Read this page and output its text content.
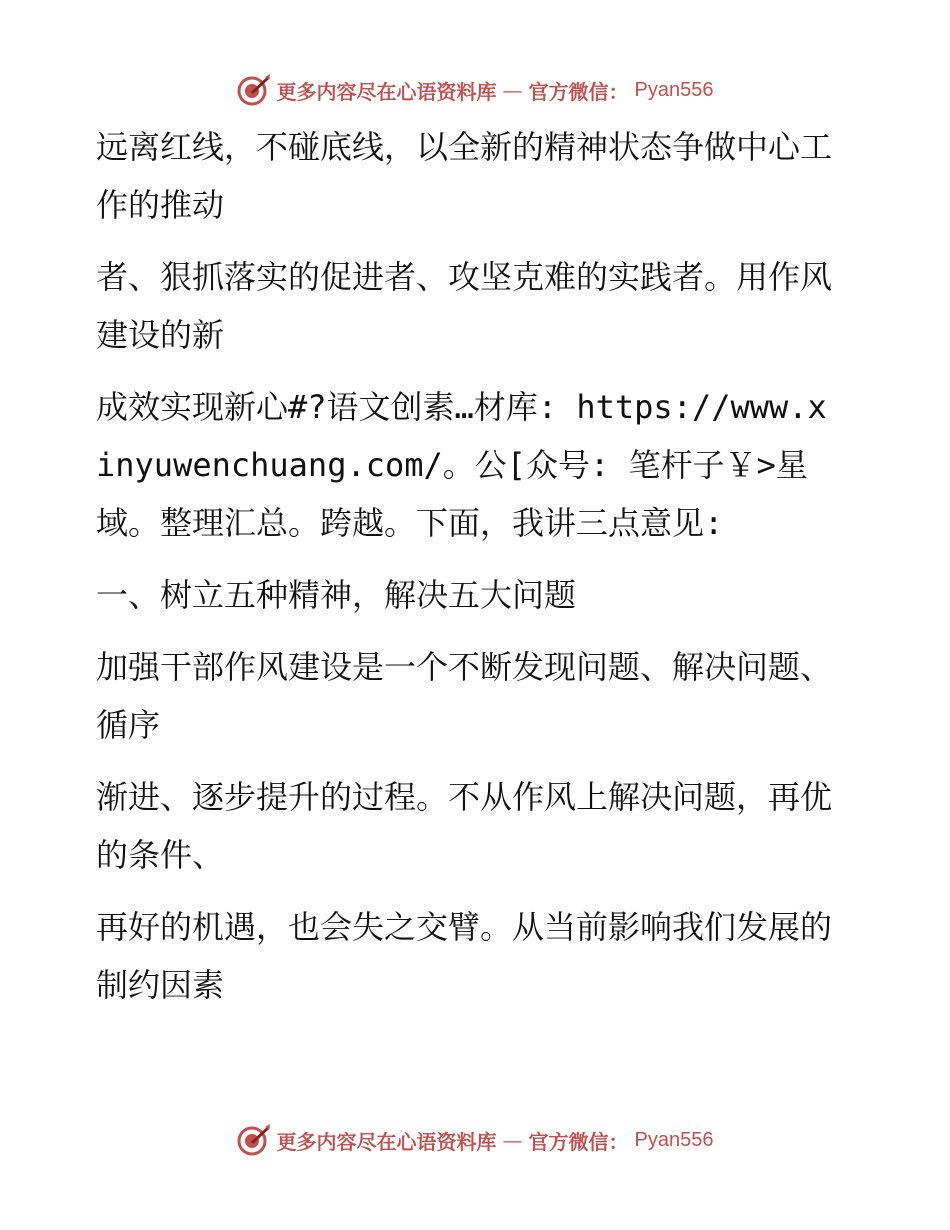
更多内容尽在心语资料库 — 官方微信： Pyan556

远离红线，不碰底线，以全新的精神状态争做中心工作的推动

者、狠抓落实的促进者、攻坚克难的实践者。用作风建设的新

成效实现新心#?语文创素…材库: https://www.xinyuwenchuang.com/。公[众号: 笔杆子￥>星域。整理汇总。跨越。下面，我讲三点意见:

一、树立五种精神，解决五大问题

加强干部作风建设是一个不断发现问题、解决问题、循序

渐进、逐步提升的过程。不从作风上解决问题，再优的条件、

再好的机遇，也会失之交臂。从当前影响我们发展的制约因素

更多内容尽在心语资料库 — 官方微信： Pyan556
